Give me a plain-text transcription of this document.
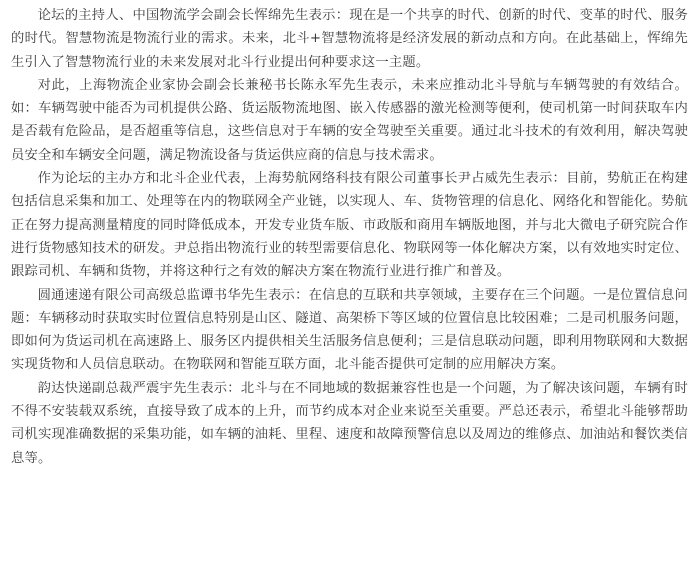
论坛的主持人、中国物流学会副会长恽绵先生表示：现在是一个共享的时代、创新的时代、变革的时代、服务的时代。智慧物流是物流行业的需求。未来，北斗+智慧物流将是经济发展的新动点和方向。在此基础上，恽绵先生引入了智慧物流行业的未来发展对北斗行业提出何种要求这一主题。

对此，上海物流企业家协会副会长兼秘书长陈永军先生表示，未来应推动北斗导航与车辆驾驶的有效结合。如：车辆驾驶中能否为司机提供公路、货运版物流地图、嵌入传感器的激光检测等便利，使司机第一时间获取车内是否载有危险品，是否超重等信息，这些信息对于车辆的安全驾驶至关重要。通过北斗技术的有效利用，解决驾驶员安全和车辆安全问题，满足物流设备与货运供应商的信息与技术需求。

作为论坛的主办方和北斗企业代表，上海势航网络科技有限公司董事长尹占威先生表示：目前，势航正在构建包括信息采集和加工、处理等在内的物联网全产业链，以实现人、车、货物管理的信息化、网络化和智能化。势航正在努力提高测量精度的同时降低成本，开发专业货车版、市政版和商用车辆版地图，并与北大微电子研究院合作进行货物感知技术的研发。尹总指出物流行业的转型需要信息化、物联网等一体化解决方案，以有效地实时定位、跟踪司机、车辆和货物，并将这种行之有效的解决方案在物流行业进行推广和普及。

圆通速递有限公司高级总监谭书华先生表示：在信息的互联和共享领域，主要存在三个问题。一是位置信息问题：车辆移动时获取实时位置信息特别是山区、隧道、高架桥下等区域的位置信息比较困难；二是司机服务问题，即如何为货运司机在高速路上、服务区内提供相关生活服务信息便利；三是信息联动问题，即利用物联网和大数据实现货物和人员信息联动。在物联网和智能互联方面，北斗能否提供可定制的应用解决方案。

韵达快递副总裁严震宇先生表示：北斗与在不同地域的数据兼容性也是一个问题，为了解决该问题，车辆有时不得不安装载双系统，直接导致了成本的上升，而节约成本对企业来说至关重要。严总还表示，希望北斗能够帮助司机实现准确数据的采集功能，如车辆的油耗、里程、速度和故障预警信息以及周边的维修点、加油站和餐饮类信息等。
